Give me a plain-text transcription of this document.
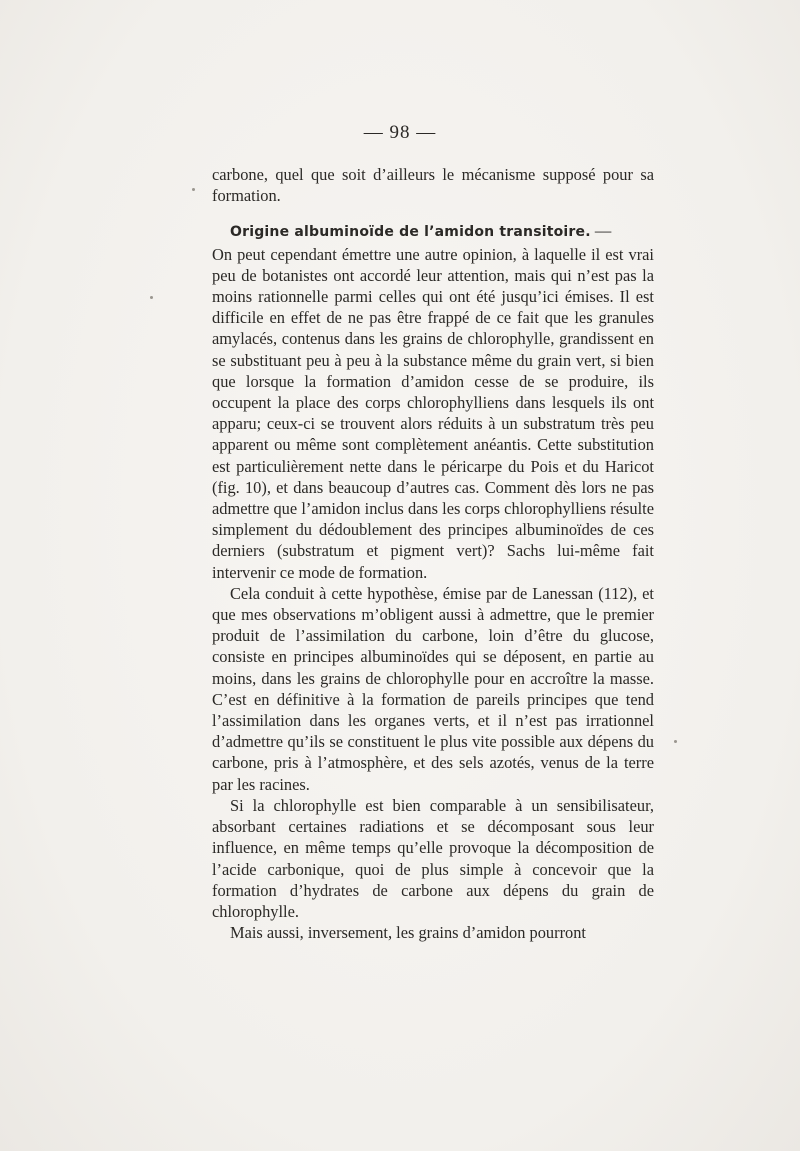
— 98 —

carbone, quel que soit d’ailleurs le mécanisme supposé pour sa formation.

Origine albuminoïde de l’amidon transitoire. —

On peut cependant émettre une autre opinion, à laquelle il est vrai peu de botanistes ont accordé leur attention, mais qui n’est pas la moins rationnelle parmi celles qui ont été jusqu’ici émises. Il est difficile en effet de ne pas être frappé de ce fait que les granules amylacés, contenus dans les grains de chlorophylle, grandissent en se substituant peu à peu à la substance même du grain vert, si bien que lorsque la formation d’amidon cesse de se produire, ils occupent la place des corps chlorophylliens dans lesquels ils ont apparu; ceux-ci se trouvent alors réduits à un substratum très peu apparent ou même sont complètement anéantis. Cette substitution est particulièrement nette dans le péricarpe du Pois et du Haricot (fig. 10), et dans beaucoup d’autres cas. Comment dès lors ne pas admettre que l’amidon inclus dans les corps chlorophylliens résulte simplement du dédoublement des principes albuminoïdes de ces derniers (substratum et pigment vert)? Sachs lui-même fait intervenir ce mode de formation.

Cela conduit à cette hypothèse, émise par de Lanessan (112), et que mes observations m’obligent aussi à admettre, que le premier produit de l’assimilation du carbone, loin d’être du glucose, consiste en principes albuminoïdes qui se déposent, en partie au moins, dans les grains de chlorophylle pour en accroître la masse. C’est en définitive à la formation de pareils principes que tend l’assimilation dans les organes verts, et il n’est pas irrationnel d’admettre qu’ils se constituent le plus vite possible aux dépens du carbone, pris à l’atmosphère, et des sels azotés, venus de la terre par les racines.

Si la chlorophylle est bien comparable à un sensibilisateur, absorbant certaines radiations et se décomposant sous leur influence, en même temps qu’elle provoque la décomposition de l’acide carbonique, quoi de plus simple à concevoir que la formation d’hydrates de carbone aux dépens du grain de chlorophylle.

Mais aussi, inversement, les grains d’amidon pourront
